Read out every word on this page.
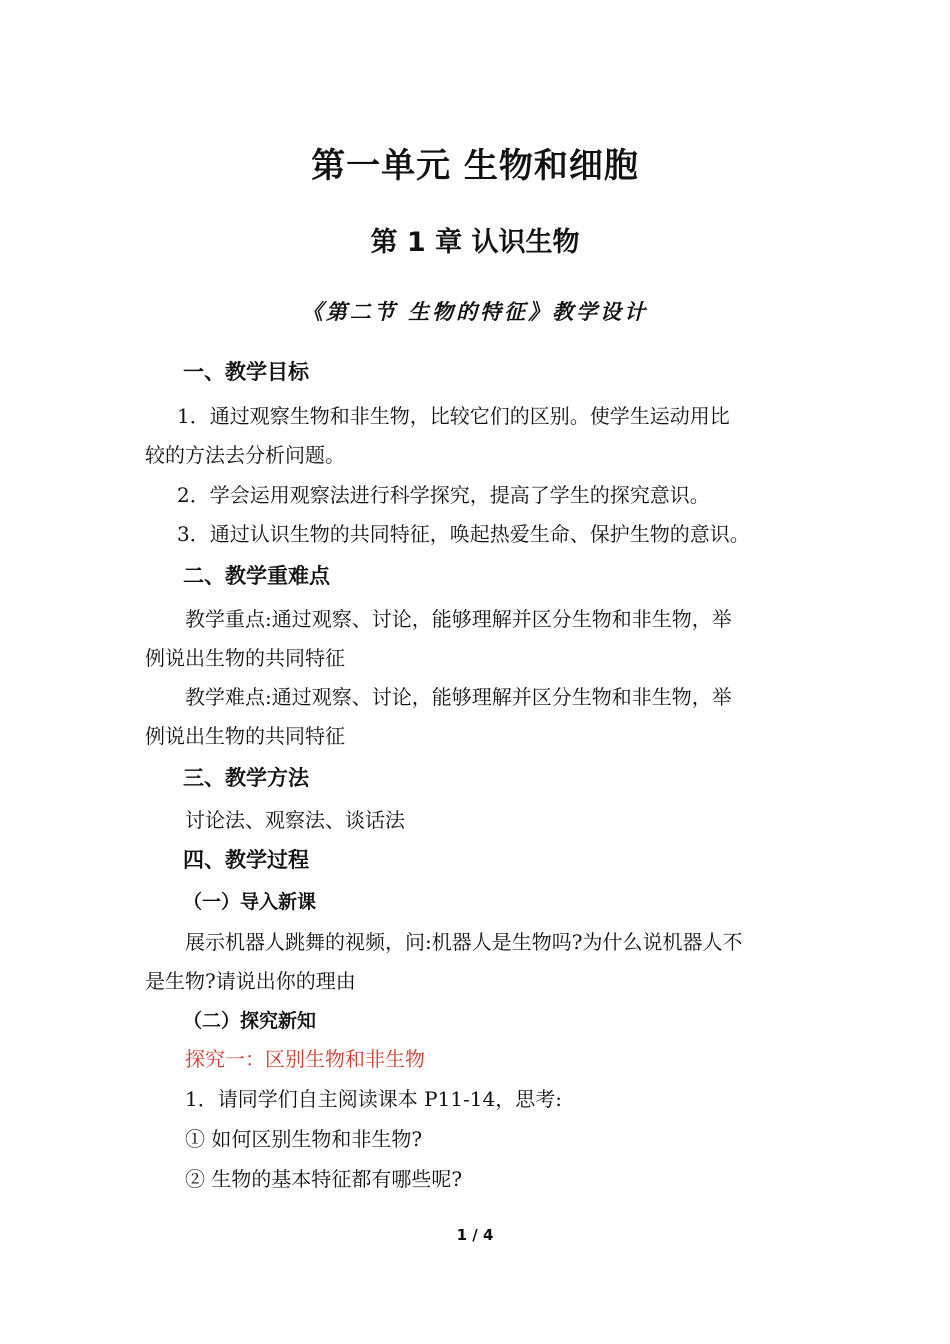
第一单元 生物和细胞
第 1 章 认识生物
《第二节 生物的特征》教学设计
一、教学目标
1．通过观察生物和非生物，比较它们的区别。使学生运动用比
较的方法去分析问题。
2．学会运用观察法进行科学探究，提高了学生的探究意识。
3．通过认识生物的共同特征，唤起热爱生命、保护生物的意识。
二、教学重难点
教学重点:通过观察、讨论，能够理解并区分生物和非生物，举
例说出生物的共同特征
教学难点:通过观察、讨论，能够理解并区分生物和非生物，举
例说出生物的共同特征
三、教学方法
讨论法、观察法、谈话法
四、教学过程
（一）导入新课
展示机器人跳舞的视频，问:机器人是生物吗?为什么说机器人不
是生物?请说出你的理由
（二）探究新知
探究一：区别生物和非生物
1．请同学们自主阅读课本 P11-14，思考:
① 如何区别生物和非生物?
② 生物的基本特征都有哪些呢?
1 / 4
